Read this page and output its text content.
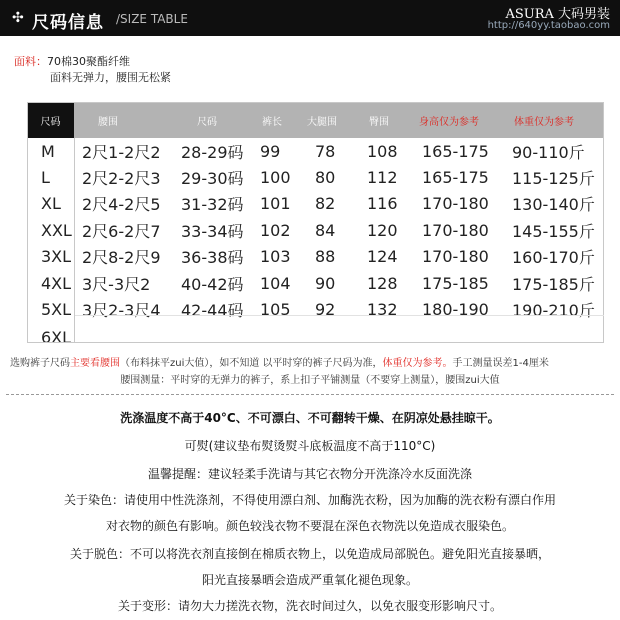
✣ 尺码信息 /SIZE TABLE	ASURA 大码男装
http://640yy.taobao.com
面料：70棉30聚酯纤维
面料无弹力，腰围无松紧
尺码	腰围	尺码	裤长	大腿围	臀围	身高仅为参考	体重仅为参考
M	2尺1-2尺2	28-29码	99	78	108	165-175	90-110斤
L	2尺2-2尺3	29-30码	100	80	112	165-175	115-125斤
XL	2尺4-2尺5	31-32码	101	82	116	170-180	130-140斤
XXL	2尺6-2尺7	33-34码	102	84	120	170-180	145-155斤
3XL	2尺8-2尺9	36-38码	103	88	124	170-180	160-170斤
4XL	3尺-3尺2	40-42码	104	90	128	175-185	175-185斤
5XL	3尺2-3尺4	42-44码	105	92	132	180-190	190-210斤
6XL							
选购裤子尺码主要看腰围（布料抹平zui大值），如不知道 以平时穿的裤子尺码为准，体重仅为参考。手工测量误差1-4厘米
腰围测量：平时穿的无弹力的裤子，系上扣子平铺测量（不要穿上测量），腰围zui大值
洗涤温度不高于40°C、不可漂白、不可翻转干燥、在阴凉处悬挂晾干。
可熨(建议垫布熨烫熨斗底板温度不高于110°C)
温馨提醒：建议轻柔手洗请与其它衣物分开洗涤冷水反面洗涤
关于染色：请使用中性洗涤剂，不得使用漂白剂、加酶洗衣粉，因为加酶的洗衣粉有漂白作用
对衣物的颜色有影响。颜色较浅衣物不要混在深色衣物洗以免造成衣服染色。
关于脱色：不可以将洗衣剂直接倒在棉质衣物上，以免造成局部脱色。避免阳光直接暴晒，
阳光直接暴晒会造成严重氧化褪色现象。
关于变形：请勿大力搓洗衣物，洗衣时间过久，以免衣服变形影响尺寸。
